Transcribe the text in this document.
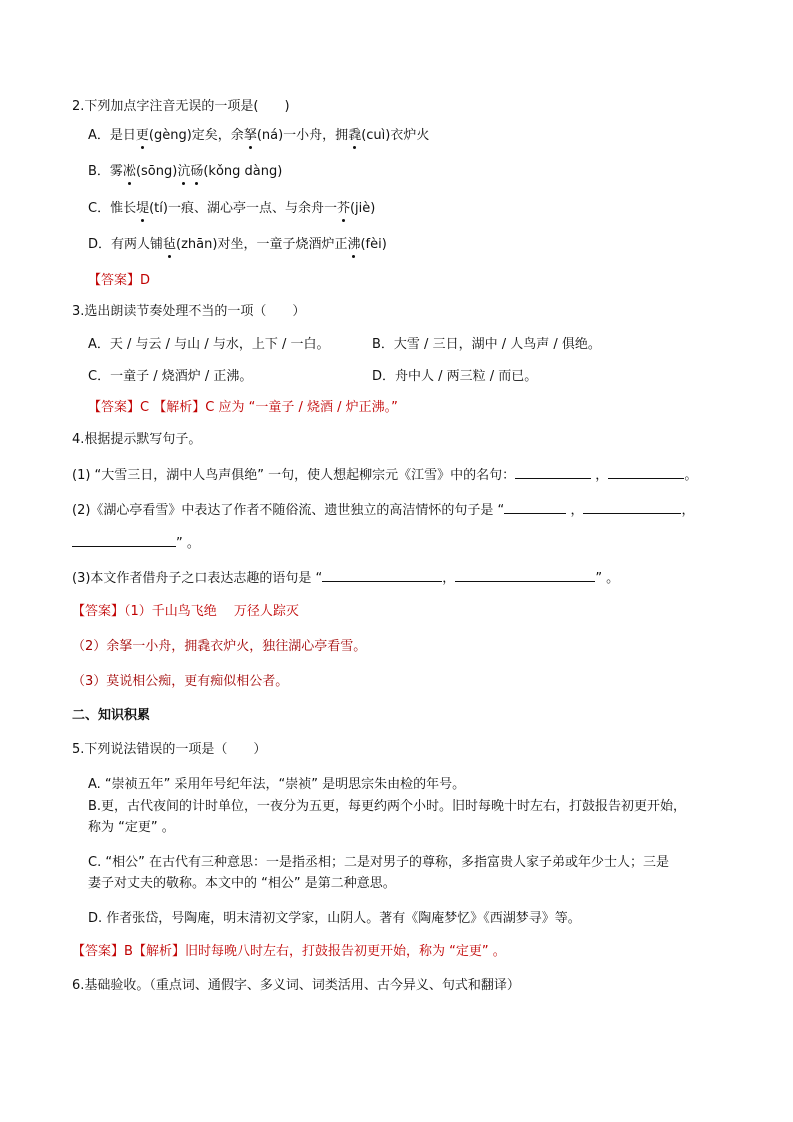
2.下列加点字注音无误的一项是(　　)
A．是日更(gèng)定矣，余拏(ná)一小舟，拥毳(cuì)衣炉火
B．雾凇(sōng)沆砀(kǒng dàng)
C．惟长堤(tí)一痕、湖心亭一点、与余舟一芥(jiè)
D．有两人铺毡(zhān)对坐，一童子烧酒炉正沸(fèi)
【答案】D
3.选出朗读节奏处理不当的一项（　　）
A．天 / 与云 / 与山 / 与水，上下 / 一白。	B．大雪 / 三日，湖中 / 人鸟声 / 俱绝。
C．一童子 / 烧酒炉 / 正沸。	D．舟中人 / 两三粒 / 而已。
【答案】C 【解析】C 应为 “一童子 / 烧酒 / 炉正沸。”
4.根据提示默写句子。
(1) “大雪三日，湖中人鸟声俱绝” 一句，使人想起柳宗元《江雪》中的名句：	，	。
(2)《湖心亭看雪》中表达了作者不随俗流、遗世独立的高洁情怀的句子是 “	，	，
” 。
(3)本文作者借舟子之口表达志趣的语句是 “	，	” 。
【答案】（1）千山鸟飞绝　 万径人踪灭
（2）余拏一小舟，拥毳衣炉火，独往湖心亭看雪。
（3）莫说相公痴，更有痴似相公者。
二、知识积累
5.下列说法错误的一项是（　　）
A. “崇祯五年” 采用年号纪年法，“崇祯” 是明思宗朱由检的年号。
B.更，古代夜间的计时单位，一夜分为五更，每更约两个小时。旧时每晚十时左右，打鼓报告初更开始，
称为 “定更” 。
C. “相公” 在古代有三种意思：一是指丞相；二是对男子的尊称，多指富贵人家子弟或年少士人；三是
妻子对丈夫的敬称。本文中的 “相公” 是第二种意思。
D. 作者张岱，号陶庵，明末清初文学家，山阴人。著有《陶庵梦忆》《西湖梦寻》等。
【答案】B【解析】旧时每晚八时左右，打鼓报告初更开始，称为 “定更” 。
6.基础验收。（重点词、通假字、多义词、词类活用、古今异义、句式和翻译）
